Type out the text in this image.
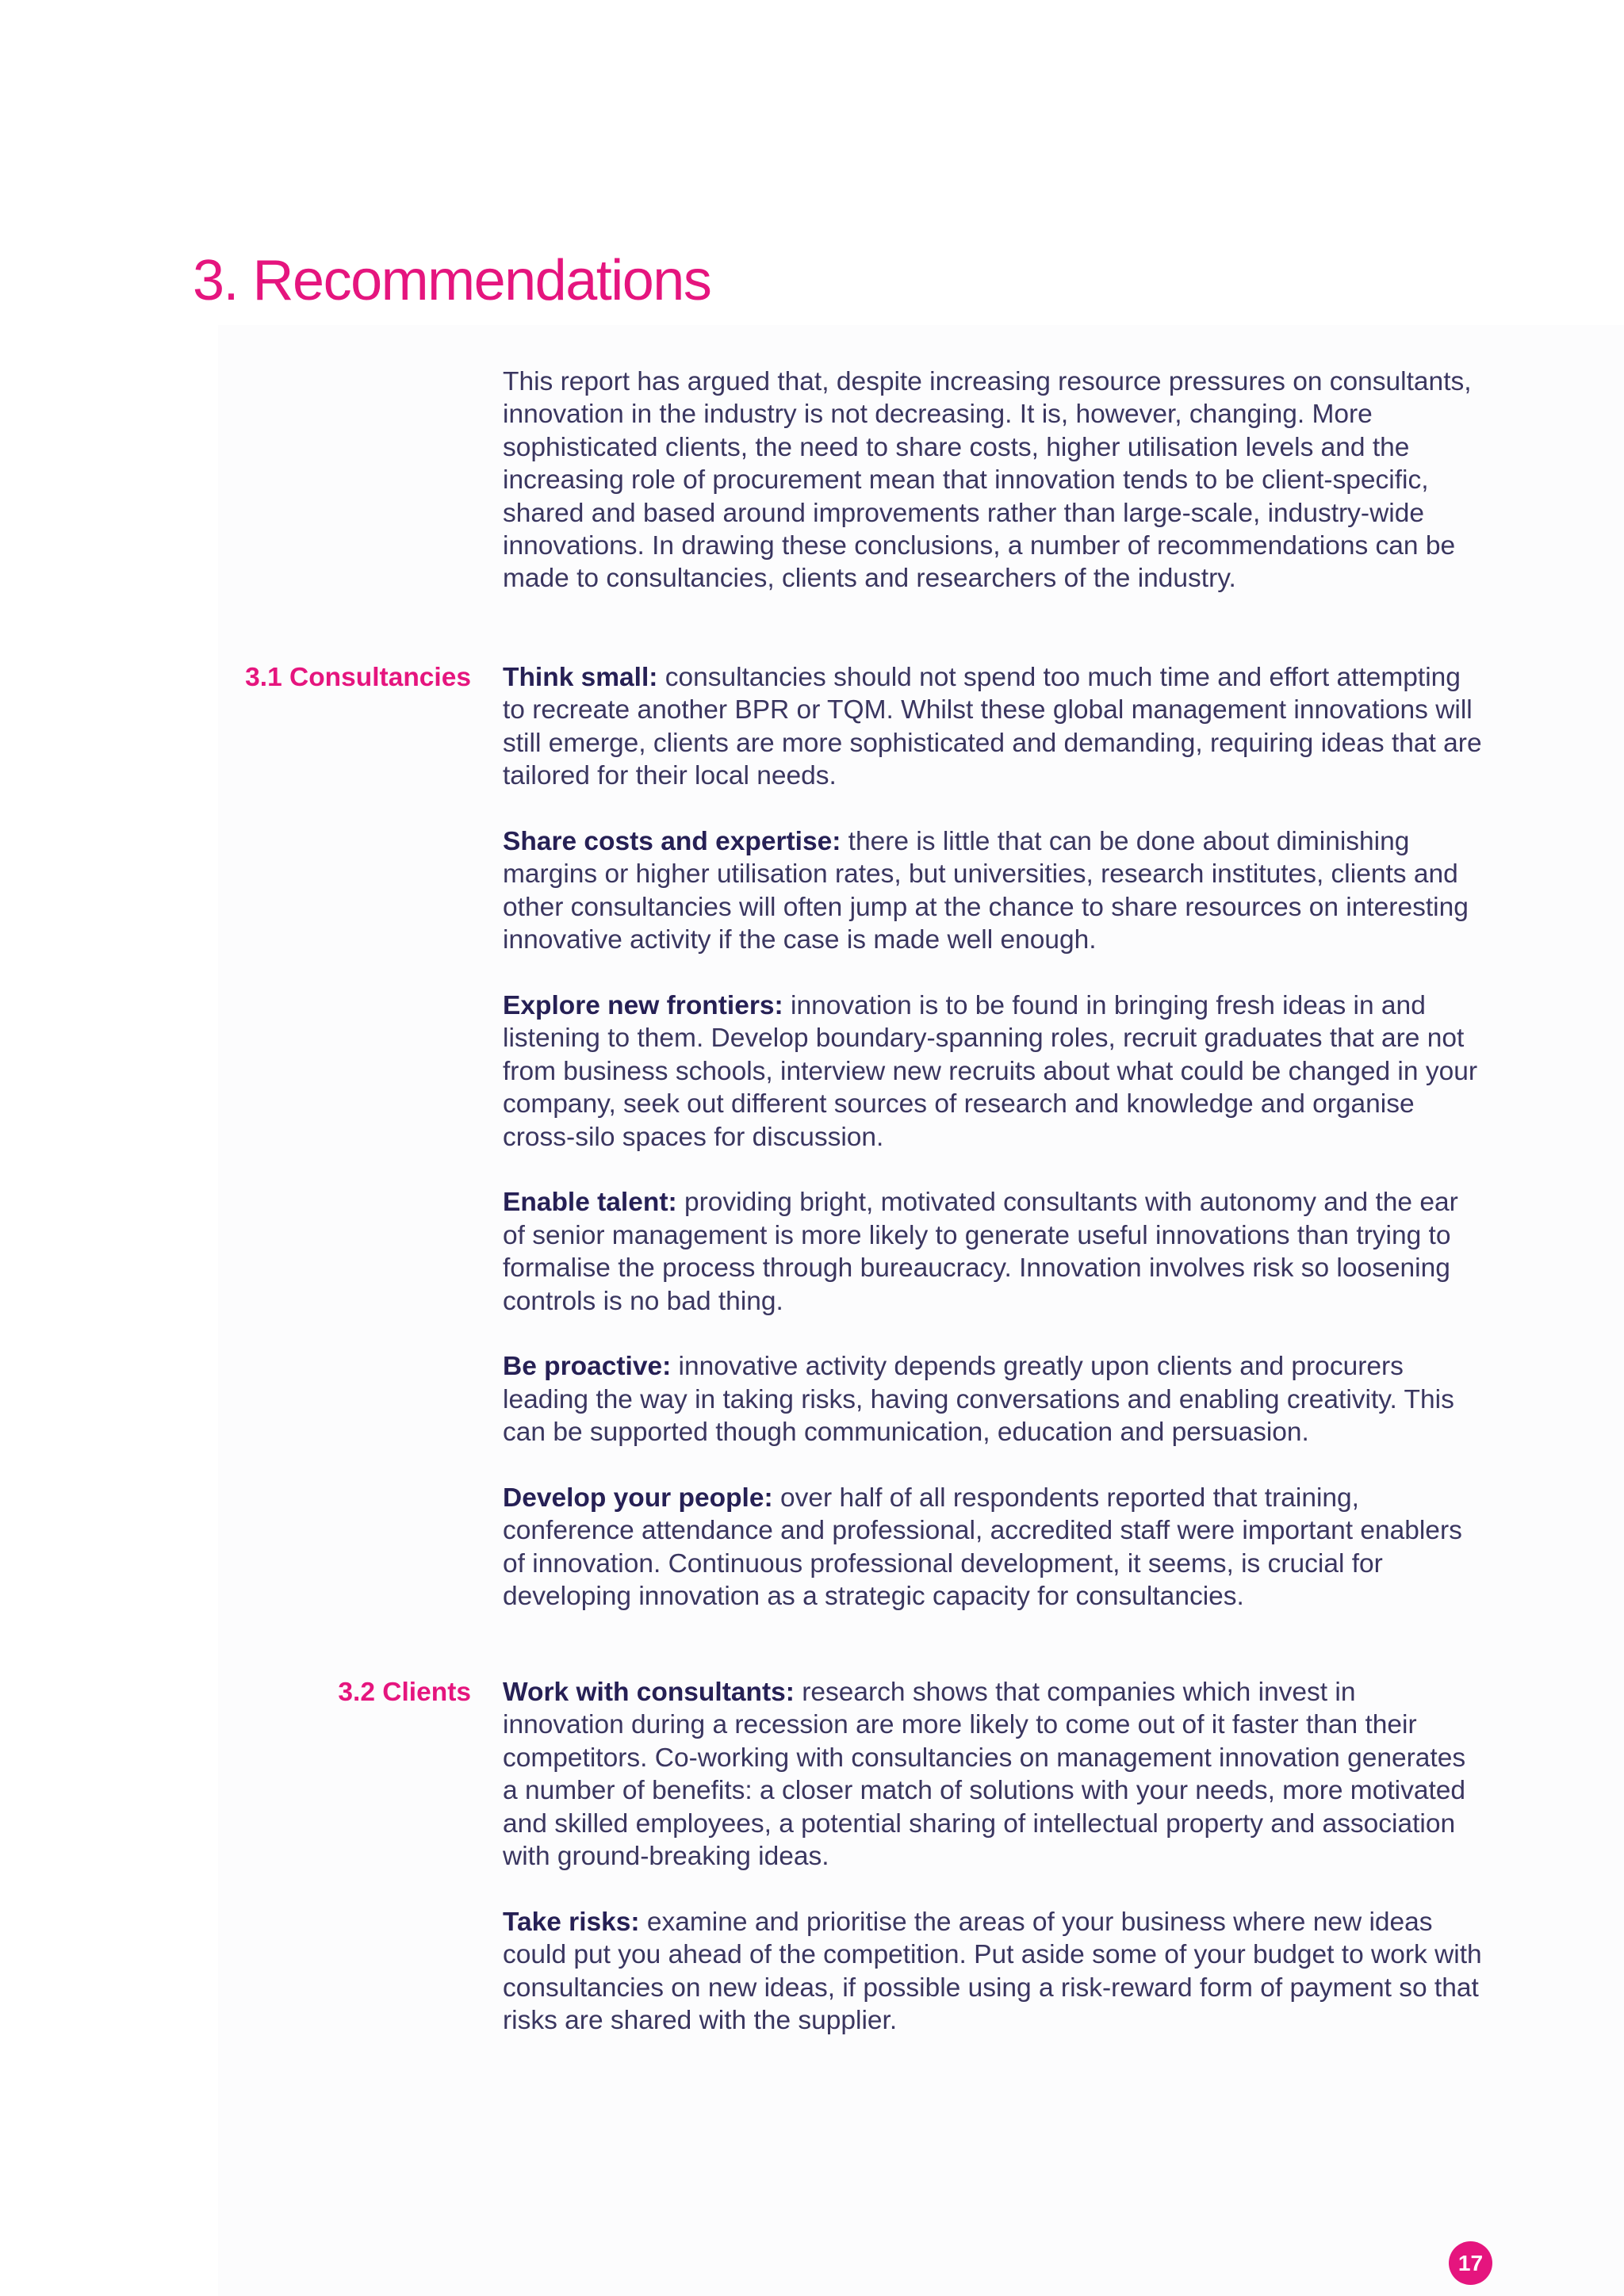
3. Recommendations

This report has argued that, despite increasing resource pressures on consultants, innovation in the industry is not decreasing. It is, however, changing. More sophisticated clients, the need to share costs, higher utilisation levels and the increasing role of procurement mean that innovation tends to be client-specific, shared and based around improvements rather than large-scale, industry-wide innovations. In drawing these conclusions, a number of recommendations can be made to consultancies, clients and researchers of the industry.

3.1 Consultancies Think small: consultancies should not spend too much time and effort attempting to recreate another BPR or TQM. Whilst these global management innovations will still emerge, clients are more sophisticated and demanding, requiring ideas that are tailored for their local needs.

Share costs and expertise: there is little that can be done about diminishing margins or higher utilisation rates, but universities, research institutes, clients and other consultancies will often jump at the chance to share resources on interesting innovative activity if the case is made well enough.

Explore new frontiers: innovation is to be found in bringing fresh ideas in and listening to them. Develop boundary-spanning roles, recruit graduates that are not from business schools, interview new recruits about what could be changed in your company, seek out different sources of research and knowledge and organise cross-silo spaces for discussion.

Enable talent: providing bright, motivated consultants with autonomy and the ear of senior management is more likely to generate useful innovations than trying to formalise the process through bureaucracy. Innovation involves risk so loosening controls is no bad thing.

Be proactive: innovative activity depends greatly upon clients and procurers leading the way in taking risks, having conversations and enabling creativity. This can be supported though communication, education and persuasion.

Develop your people: over half of all respondents reported that training, conference attendance and professional, accredited staff were important enablers of innovation. Continuous professional development, it seems, is crucial for developing innovation as a strategic capacity for consultancies.

3.2 Clients Work with consultants: research shows that companies which invest in innovation during a recession are more likely to come out of it faster than their competitors. Co-working with consultancies on management innovation generates a number of benefits: a closer match of solutions with your needs, more motivated and skilled employees, a potential sharing of intellectual property and association with ground-breaking ideas.

Take risks: examine and prioritise the areas of your business where new ideas could put you ahead of the competition. Put aside some of your budget to work with consultancies on new ideas, if possible using a risk-reward form of payment so that risks are shared with the supplier.

17
